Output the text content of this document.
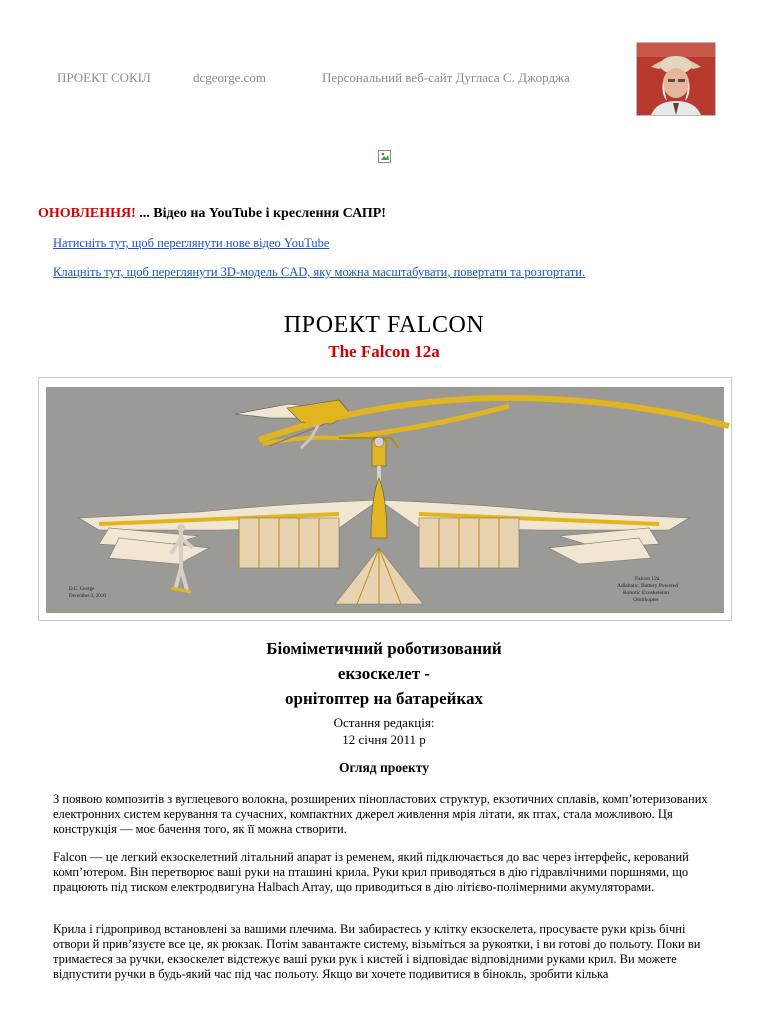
ПРОЕКТ СОКІЛ	dcgeorge.com	Персональний веб-сайт Дугласа С. Джорджа
ОНОВЛЕННЯ! ... Відео на YouTube і креслення САПР!
Натисніть тут, щоб переглянути нове відео YouTube
Клацніть тут, щоб переглянути 3D-модель CAD, яку можна масштабувати, повертати та розгортати.
ПРОЕКТ FALCON
The Falcon 12a
D.C. George
December 3, 2010
Falcon 12a
Adiabatic, Battery Powered
Robotic Exoskeleton
Ornithopter
Біоміметичний роботизований
екзоскелет -
орнітоптер на батарейках
Остання редакція:
12 січня 2011 р
Огляд проекту

З появою композитів з вуглецевого волокна, розширених пінопластових структур, екзотичних сплавів, комп’ютеризованих електронних систем керування та сучасних, компактних джерел живлення мрія літати, як птах, стала можливою. Ця конструкція — моє бачення того, як її можна створити.

Falcon — це легкий екзоскелетний літальний апарат із ременем, який підключається до вас через інтерфейс, керований комп’ютером. Він перетворює ваші руки на пташині крила. Руки крил приводяться в дію гідравлічними поршнями, що працюють під тиском електродвигуна Halbach Array, що приводиться в дію літієво-полімерними акумуляторами.

Крила і гідропривод встановлені за вашими плечима. Ви забираєтесь у клітку екзоскелета, просуваєте руки крізь бічні отвори й прив’язуєте все це, як рюкзак. Потім завантажте систему, візьміться за рукоятки, і ви готові до польоту. Поки ви тримаєтеся за ручки, екзоскелет відстежує ваші руки рук і кистей і відповідає відповідними руками крил. Ви можете відпустити ручки в будь-який час під час польоту. Якщо ви хочете подивитися в бінокль, зробити кілька
